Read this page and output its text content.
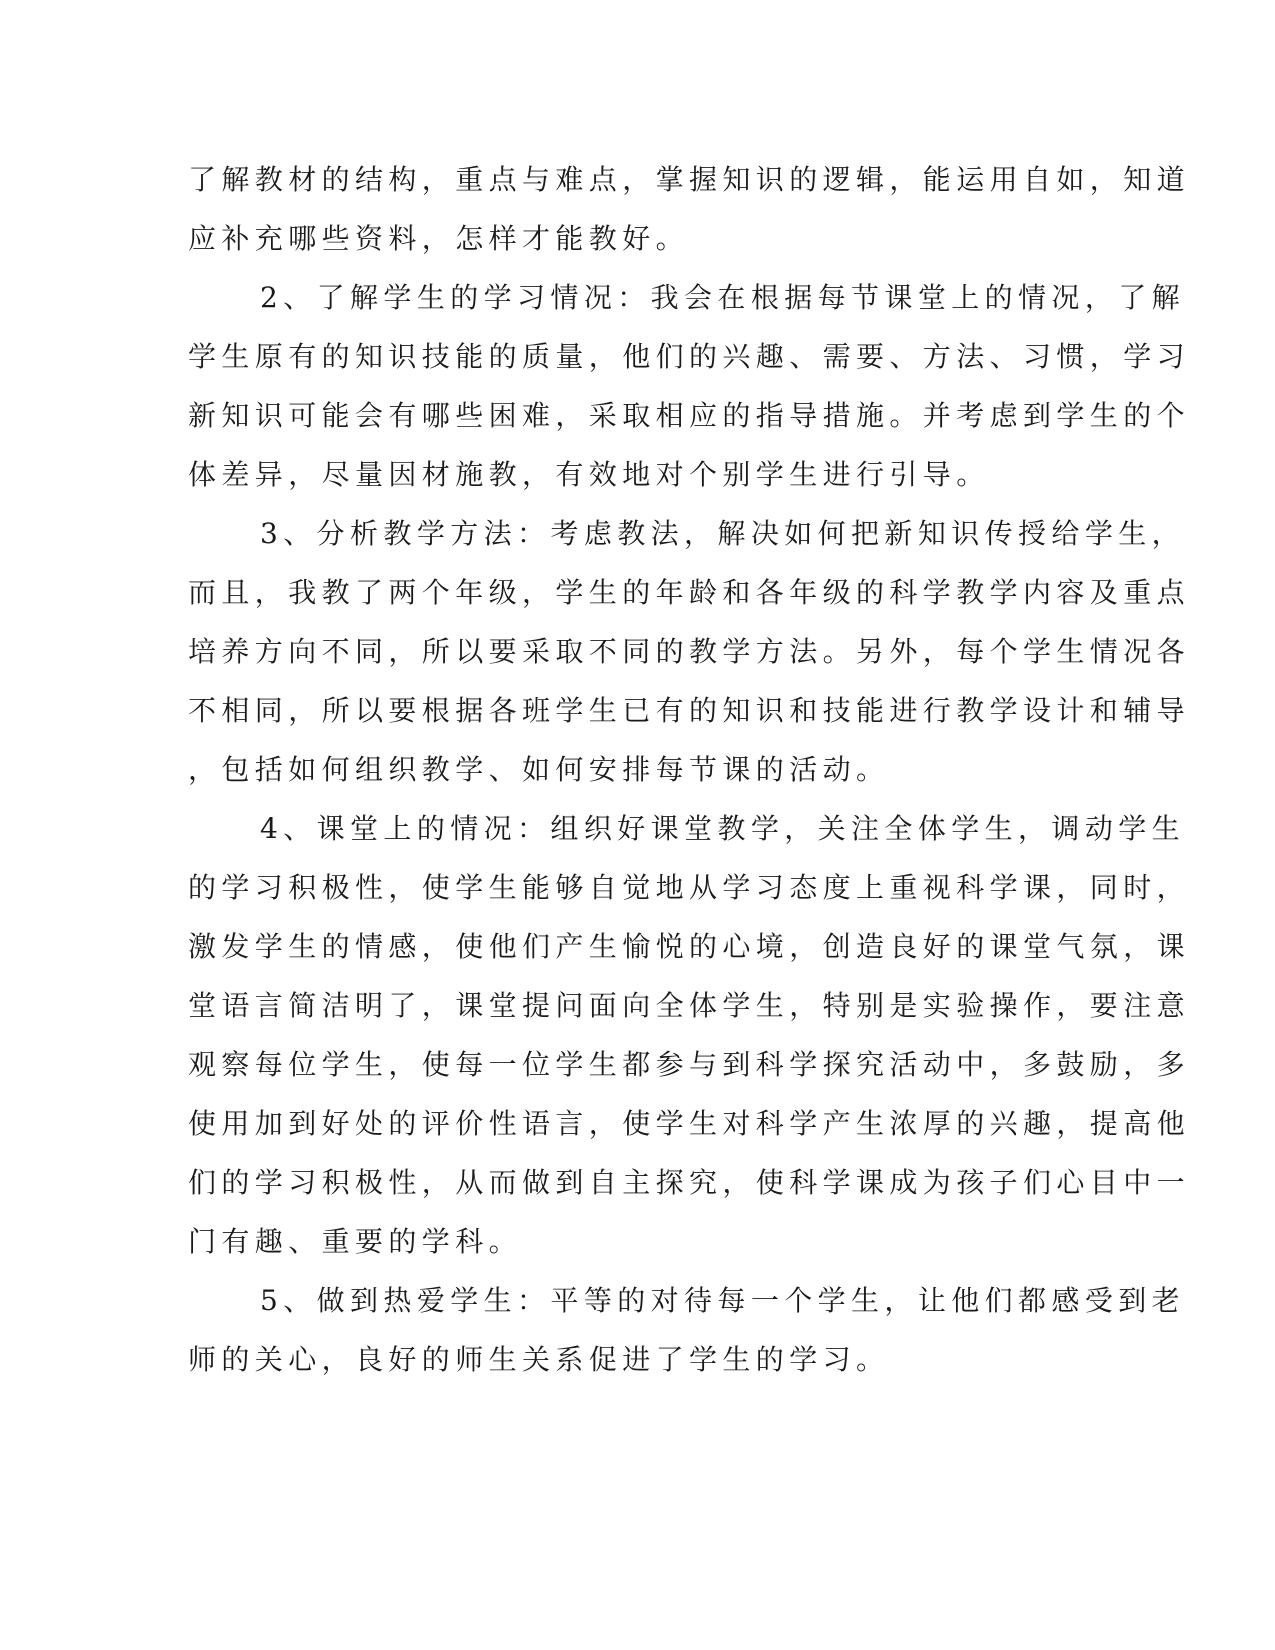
了解教材的结构，重点与难点，掌握知识的逻辑，能运用自如，知道
应补充哪些资料，怎样才能教好。
2、了解学生的学习情况：我会在根据每节课堂上的情况，了解
学生原有的知识技能的质量，他们的兴趣、需要、方法、习惯，学习
新知识可能会有哪些困难，采取相应的指导措施。并考虑到学生的个
体差异，尽量因材施教，有效地对个别学生进行引导。
3、分析教学方法：考虑教法，解决如何把新知识传授给学生，
而且，我教了两个年级，学生的年龄和各年级的科学教学内容及重点
培养方向不同，所以要采取不同的教学方法。另外，每个学生情况各
不相同，所以要根据各班学生已有的知识和技能进行教学设计和辅导
，包括如何组织教学、如何安排每节课的活动。
4、课堂上的情况：组织好课堂教学，关注全体学生，调动学生
的学习积极性，使学生能够自觉地从学习态度上重视科学课，同时，
激发学生的情感，使他们产生愉悦的心境，创造良好的课堂气氛，课
堂语言简洁明了，课堂提问面向全体学生，特别是实验操作，要注意
观察每位学生，使每一位学生都参与到科学探究活动中，多鼓励，多
使用加到好处的评价性语言，使学生对科学产生浓厚的兴趣，提高他
们的学习积极性，从而做到自主探究，使科学课成为孩子们心目中一
门有趣、重要的学科。
5、做到热爱学生：平等的对待每一个学生，让他们都感受到老
师的关心，良好的师生关系促进了学生的学习。
